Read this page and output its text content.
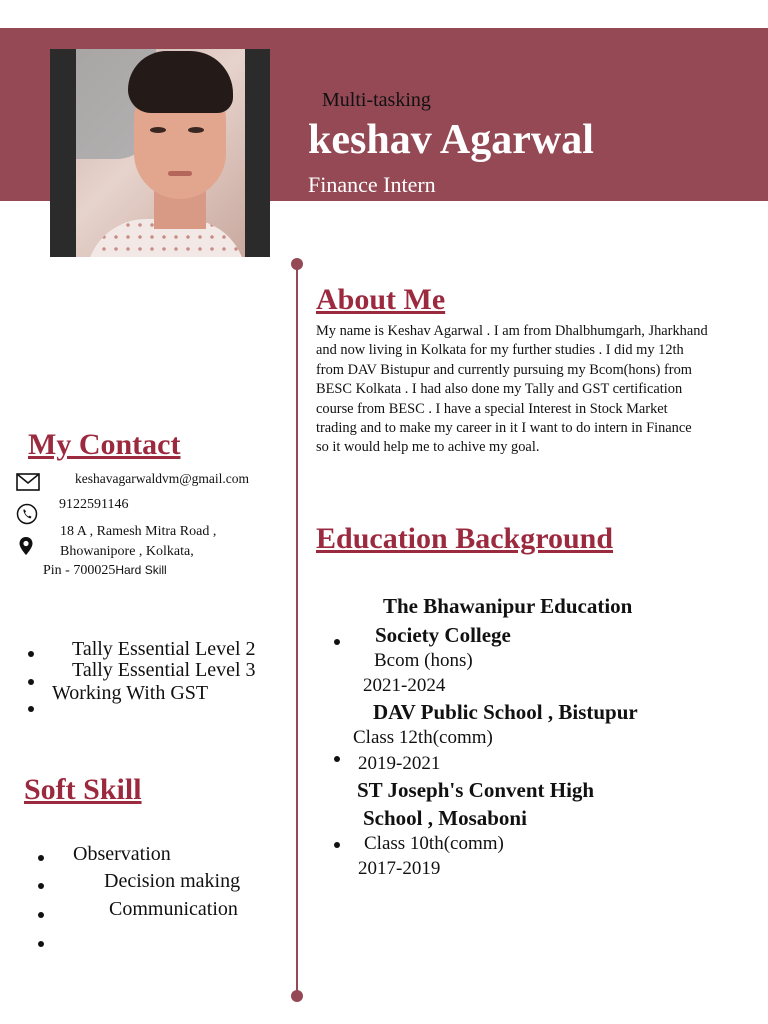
Multi-tasking
keshav Agarwal
Finance Intern
About Me
My name is Keshav Agarwal . I am from Dhalbhumgarh, Jharkhand
and now living in Kolkata for my further studies . I did my 12th
from DAV Bistupur and currently pursuing my Bcom(hons) from
BESC Kolkata . I had also done my Tally and GST certification
course from BESC . I have a special Interest in Stock Market
trading and to make my career in it I want to do intern in Finance
so it would help me to achive my goal.
My Contact
keshavagarwaldvm@gmail.com
9122591146
18 A , Ramesh Mitra Road ,
Bhowanipore , Kolkata,
Pin - 700025Hard Skill
Tally Essential Level 2
Tally Essential Level 3
Working With GST
Soft Skill
Observation
Decision making
Communication
Education Background
The Bhawanipur Education
Society College
Bcom (hons)
2021-2024
DAV Public School , Bistupur
Class 12th(comm)
2019-2021
ST Joseph's Convent High
School , Mosaboni
Class 10th(comm)
2017-2019
